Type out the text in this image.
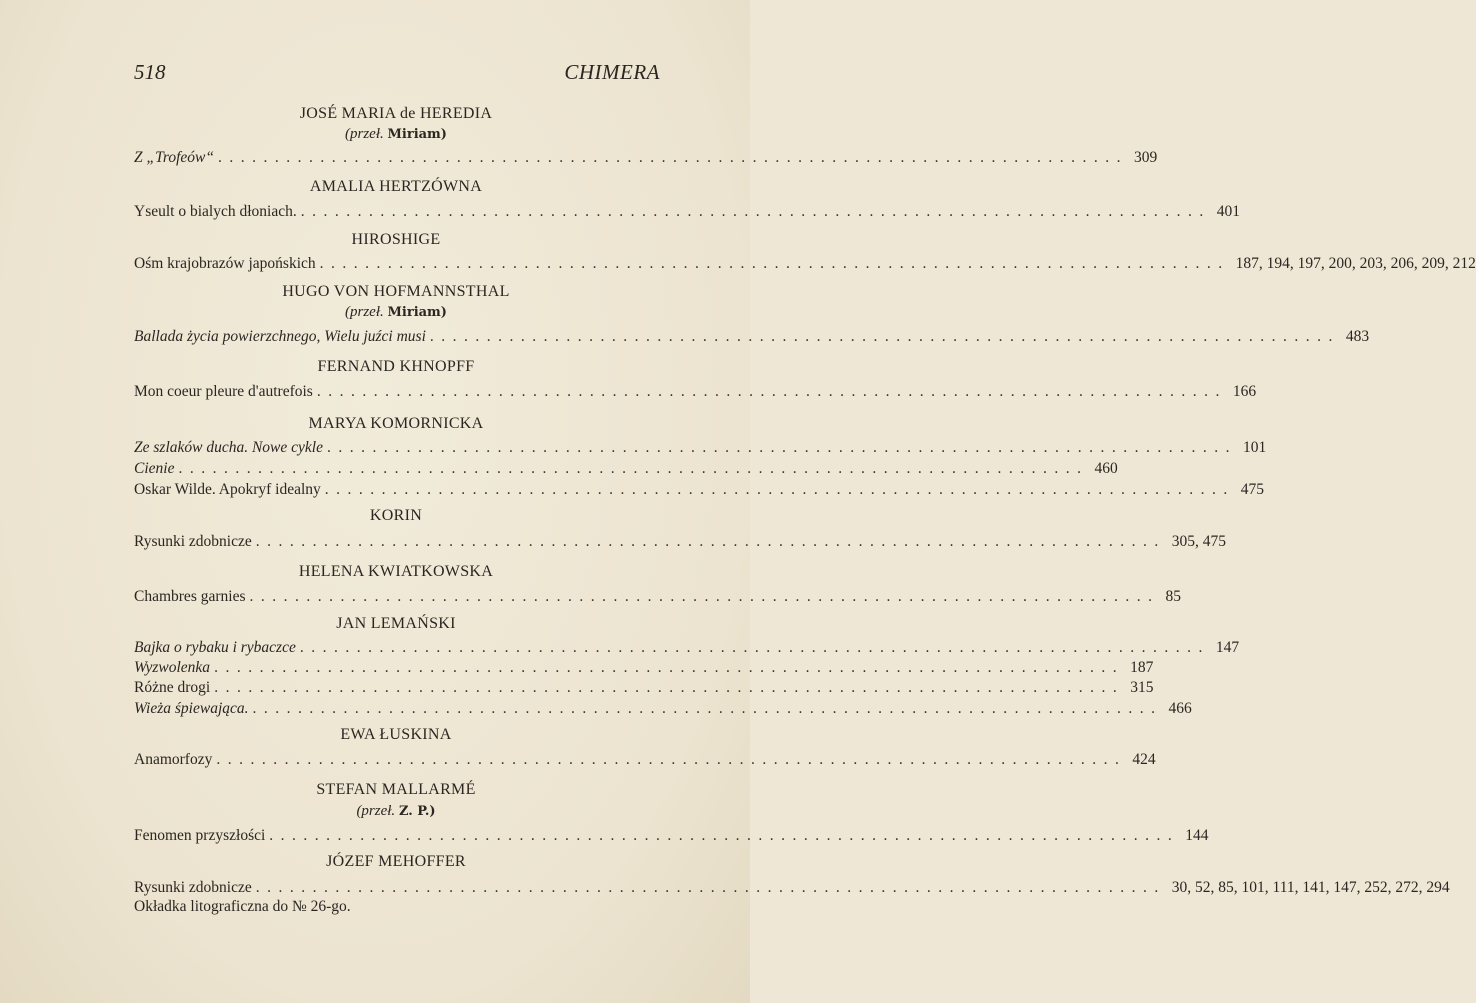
518	CHIMERA
JOSÉ MARIA de HEREDIA
(przeł. Miriam)
Z „Trofeów“ ................................................................................ 309
AMALIA HERTZÓWNA
Yseult o bialych dłoniach. ................................................................................ 401
HIROSHIGE
Ośm krajobrazów japońskich ................................................................................ 187, 194, 197, 200, 203, 206, 209, 212
HUGO VON HOFMANNSTHAL
(przeł. Miriam)
Ballada życia powierzchnego, Wielu juźci musi ................................................................................ 483
FERNAND KHNOPFF
Mon coeur pleure d'autrefois ................................................................................ 166
MARYA KOMORNICKA
Ze szlaków ducha. Nowe cykle ................................................................................ 101
Cienie ................................................................................ 460
Oskar Wilde. Apokryf idealny ................................................................................ 475
KORIN
Rysunki zdobnicze ................................................................................ 305, 475
HELENA KWIATKOWSKA
Chambres garnies ................................................................................ 85
JAN LEMAŃSKI
Bajka o rybaku i rybaczce ................................................................................ 147
Wyzwolenka ................................................................................ 187
Różne drogi ................................................................................ 315
Wieża śpiewająca. ................................................................................ 466
EWA ŁUSKINA
Anamorfozy ................................................................................ 424
STEFAN MALLARMÉ
(przeł. Z. P.)
Fenomen przyszłości ................................................................................ 144
JÓZEF MEHOFFER
Rysunki zdobnicze ................................................................................ 30, 52, 85, 101, 111, 141, 147, 252, 272, 294
Okładka litograficzna do № 26-go.
